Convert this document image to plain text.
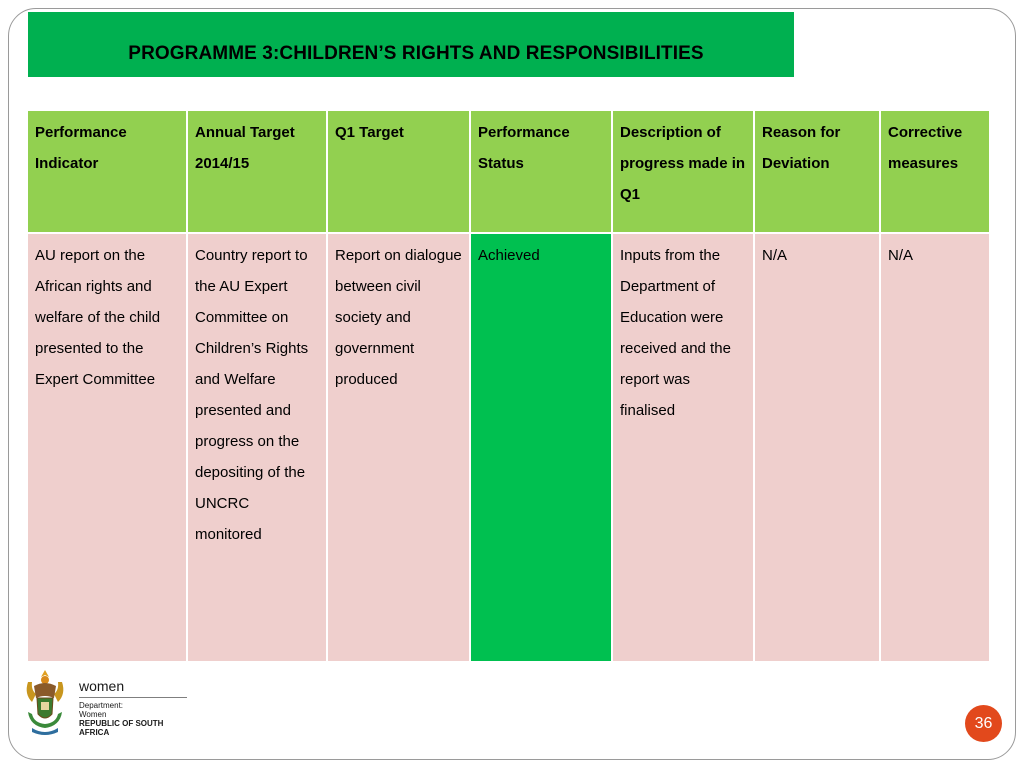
PROGRAMME 3:CHILDREN’S RIGHTS AND RESPONSIBILITIES
Performance Indicator	Annual Target 2014/15	Q1 Target	Performance Status	Description of progress made in Q1	Reason for Deviation	Corrective measures
AU report on the African rights and welfare of the child presented to the Expert Committee	Country report to the AU Expert Committee on Children’s Rights and Welfare presented and progress on the depositing of the UNCRC monitored	Report on dialogue between civil society and government produced	Achieved	Inputs from the Department of Education were received and the report was finalised	N/A	N/A
women
Department:
Women
REPUBLIC OF SOUTH AFRICA
36
